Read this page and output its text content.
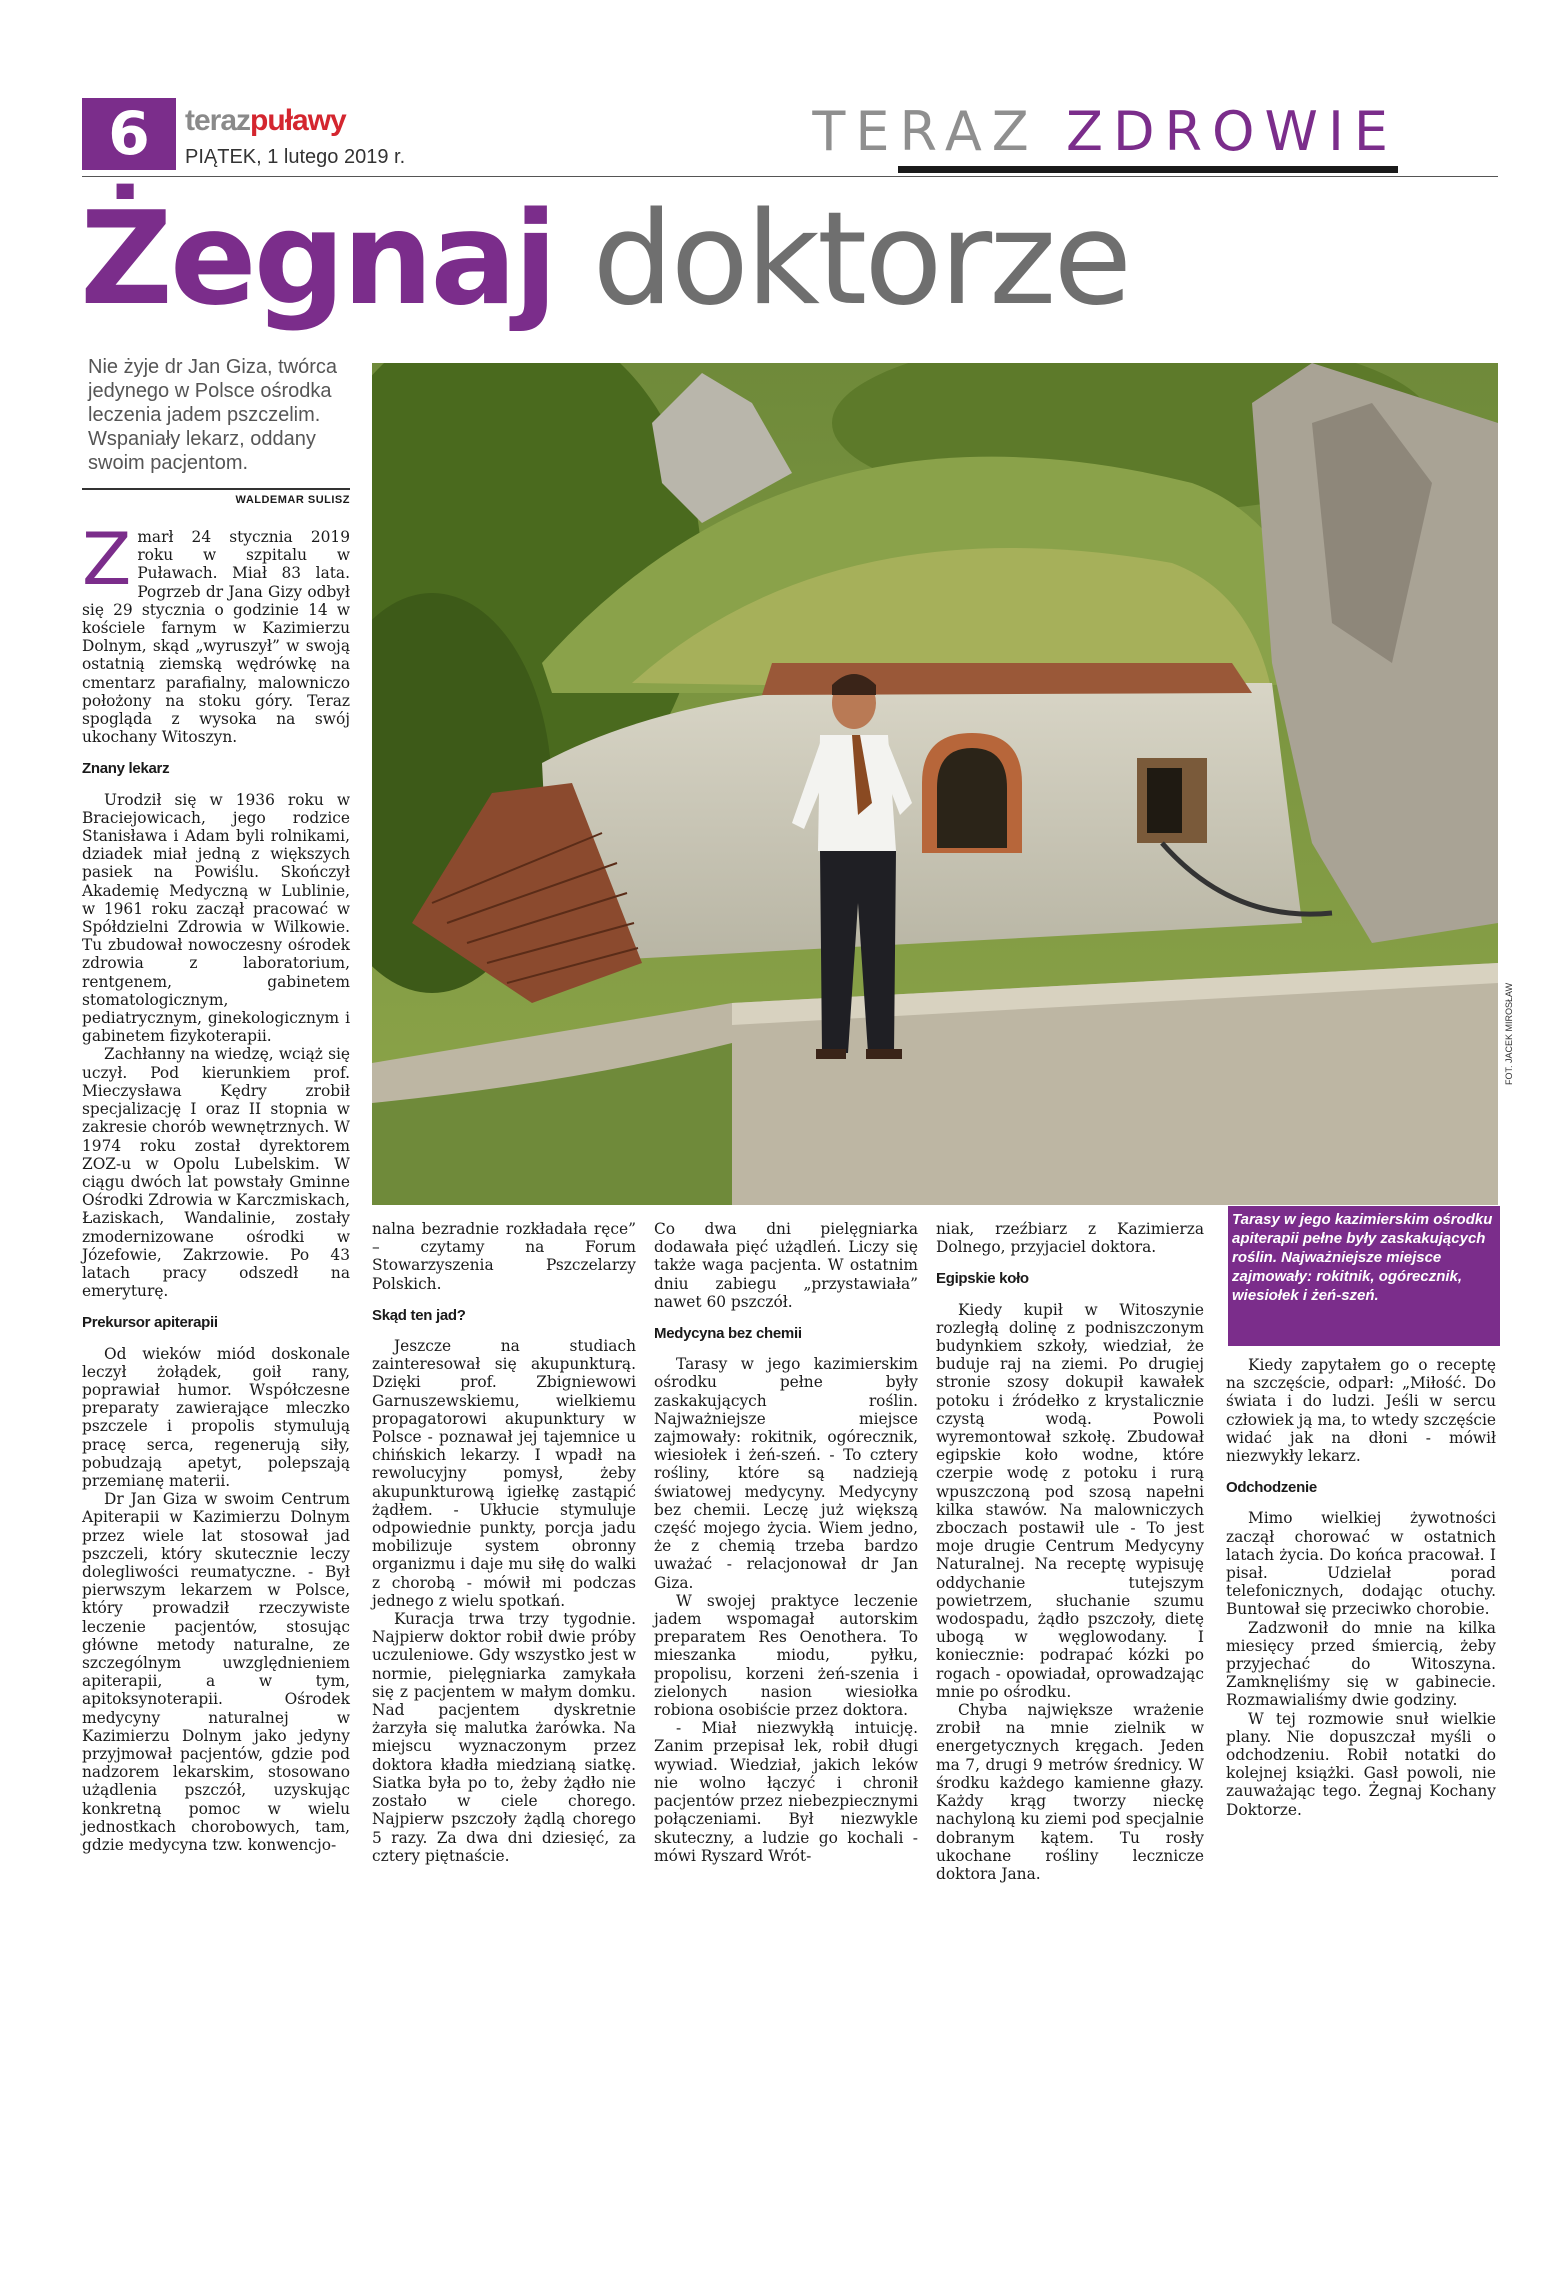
6	terazpuławy
PIĄTEK, 1 lutego 2019 r.	TERAZ ZDROWIE
Żegnaj doktorze
Nie żyje dr Jan Giza, twórca jedynego w Polsce ośrodka leczenia jadem pszczelim. Wspaniały lekarz, oddany swoim pacjentom.
WALDEMAR SULISZ
FOT. JACEK MIROSŁAW
Tarasy w jego kazimierskim ośrodku apiterapii pełne były zaskakujących roślin. Najważniejsze miejsce zajmowały: rokitnik, ogórecznik, wiesiołek i żeń-szeń.

Zmarł 24 stycznia 2019 roku w szpitalu w Puławach. Miał 83 lata. Pogrzeb dr Jana Gizy odbył się 29 stycznia o godzinie 14 w kościele farnym w Kazimierzu Dolnym, skąd „wyruszył” w swoją ostatnią ziemską wędrówkę na cmentarz parafialny, malowniczo położony na stoku góry. Teraz spogląda z wysoka na swój ukochany Witoszyn.

Znany lekarz

Urodził się w 1936 roku w Braciejowicach, jego rodzice Stanisława i Adam byli rolnikami, dziadek miał jedną z większych pasiek na Powiślu. Skończył Akademię Medyczną w Lublinie, w 1961 roku zaczął pracować w Spółdzielni Zdrowia w Wilkowie. Tu zbudował nowoczesny ośrodek zdrowia z laboratorium, rentgenem, gabinetem stomatologicznym, pediatrycznym, ginekologicznym i gabinetem fizykoterapii.

Zachłanny na wiedzę, wciąż się uczył. Pod kierunkiem prof. Mieczysława Kędry zrobił specjalizację I oraz II stopnia w zakresie chorób wewnętrznych. W 1974 roku został dyrektorem ZOZ-u w Opolu Lubelskim. W ciągu dwóch lat powstały Gminne Ośrodki Zdrowia w Karczmiskach, Łaziskach, Wandalinie, zostały zmodernizowane ośrodki w Józefowie, Zakrzowie. Po 43 latach pracy odszedł na emeryturę.

Prekursor apiterapii

Od wieków miód doskonale leczył żołądek, goił rany, poprawiał humor. Współczesne preparaty zawierające mleczko pszczele i propolis stymulują pracę serca, regenerują siły, pobudzają apetyt, polepszają przemianę materii.

Dr Jan Giza w swoim Centrum Apiterapii w Kazimierzu Dolnym przez wiele lat stosował jad pszczeli, który skutecznie leczy dolegliwości reumatyczne. - Był pierwszym lekarzem w Polsce, który prowadził rzeczywiste leczenie pacjentów, stosując główne metody naturalne, ze szczególnym uwzględnieniem apiterapii, a w tym, apitoksynoterapii. Ośrodek medycyny naturalnej w Kazimierzu Dolnym jako jedyny przyjmował pacjentów, gdzie pod nadzorem lekarskim, stosowano użądlenia pszczół, uzyskując konkretną pomoc w wielu jednostkach chorobowych, tam, gdzie medycyna tzw. konwencjo-

nalna bezradnie rozkładała ręce” – czytamy na Forum Stowarzyszenia Pszczelarzy Polskich.

Skąd ten jad?

Jeszcze na studiach zainteresował się akupunkturą. Dzięki prof. Zbigniewowi Garnuszewskiemu, wielkiemu propagatorowi akupunktury w Polsce - poznawał jej tajemnice u chińskich lekarzy. I wpadł na rewolucyjny pomysł, żeby akupunkturową igiełkę zastąpić żądłem. - Ukłucie stymuluje odpowiednie punkty, porcja jadu mobilizuje system obronny organizmu i daje mu siłę do walki z chorobą - mówił mi podczas jednego z wielu spotkań.

Kuracja trwa trzy tygodnie. Najpierw doktor robił dwie próby uczuleniowe. Gdy wszystko jest w normie, pielęgniarka zamykała się z pacjentem w małym domku. Nad pacjentem dyskretnie żarzyła się malutka żarówka. Na miejscu wyznaczonym przez doktora kładła miedzianą siatkę. Siatka była po to, żeby żądło nie zostało w ciele chorego. Najpierw pszczoły żądlą chorego 5 razy. Za dwa dni dziesięć, za cztery piętnaście.

Co dwa dni pielęgniarka dodawała pięć użądleń. Liczy się także waga pacjenta. W ostatnim dniu zabiegu „przystawiała” nawet 60 pszczół.

Medycyna bez chemii

Tarasy w jego kazimierskim ośrodku pełne były zaskakujących roślin. Najważniejsze miejsce zajmowały: rokitnik, ogórecznik, wiesiołek i żeń-szeń. - To cztery rośliny, które są nadzieją światowej medycyny. Medycyny bez chemii. Leczę już większą część mojego życia. Wiem jedno, że z chemią trzeba bardzo uważać - relacjonował dr Jan Giza.

W swojej praktyce leczenie jadem wspomagał autorskim preparatem Res Oenothera. To mieszanka miodu, pyłku, propolisu, korzeni żeń-szenia i zielonych nasion wiesiołka robiona osobiście przez doktora.

- Miał niezwykłą intuicję. Zanim przepisał lek, robił długi wywiad. Wiedział, jakich leków nie wolno łączyć i chronił pacjentów przez niebezpiecznymi połączeniami. Był niezwykle skuteczny, a ludzie go kochali - mówi Ryszard Wrót-

niak, rzeźbiarz z Kazimierza Dolnego, przyjaciel doktora.

Egipskie koło

Kiedy kupił w Witoszynie rozległą dolinę z podniszczonym budynkiem szkoły, wiedział, że buduje raj na ziemi. Po drugiej stronie szosy dokupił kawałek potoku i źródełko z krystalicznie czystą wodą. Powoli wyremontował szkołę. Zbudował egipskie koło wodne, które czerpie wodę z potoku i rurą wpuszczoną pod szosą napełni kilka stawów. Na malowniczych zboczach postawił ule - To jest moje drugie Centrum Medycyny Naturalnej. Na receptę wypisuję oddychanie tutejszym powietrzem, słuchanie szumu wodospadu, żądło pszczoły, dietę ubogą w węglowodany. I koniecznie: podrapać kózki po rogach - opowiadał, oprowadzając mnie po ośrodku.

Chyba największe wrażenie zrobił na mnie zielnik w energetycznych kręgach. Jeden ma 7, drugi 9 metrów średnicy. W środku każdego kamienne głazy. Każdy krąg tworzy nieckę nachyloną ku ziemi pod specjalnie dobranym kątem. Tu rosły ukochane rośliny lecznicze doktora Jana.

Kiedy zapytałem go o receptę na szczęście, odparł: „Miłość. Do świata i do ludzi. Jeśli w sercu człowiek ją ma, to wtedy szczęście widać jak na dłoni - mówił niezwykły lekarz.

Odchodzenie

Mimo wielkiej żywotności zaczął chorować w ostatnich latach życia. Do końca pracował. I pisał. Udzielał porad telefonicznych, dodając otuchy. Buntował się przeciwko chorobie.

Zadzwonił do mnie na kilka miesięcy przed śmiercią, żeby przyjechać do Witoszyna. Zamknęliśmy się w gabinecie. Rozmawialiśmy dwie godziny.

W tej rozmowie snuł wielkie plany. Nie dopuszczał myśli o odchodzeniu. Robił notatki do kolejnej książki. Gasł powoli, nie zauważając tego. Żegnaj Kochany Doktorze.
